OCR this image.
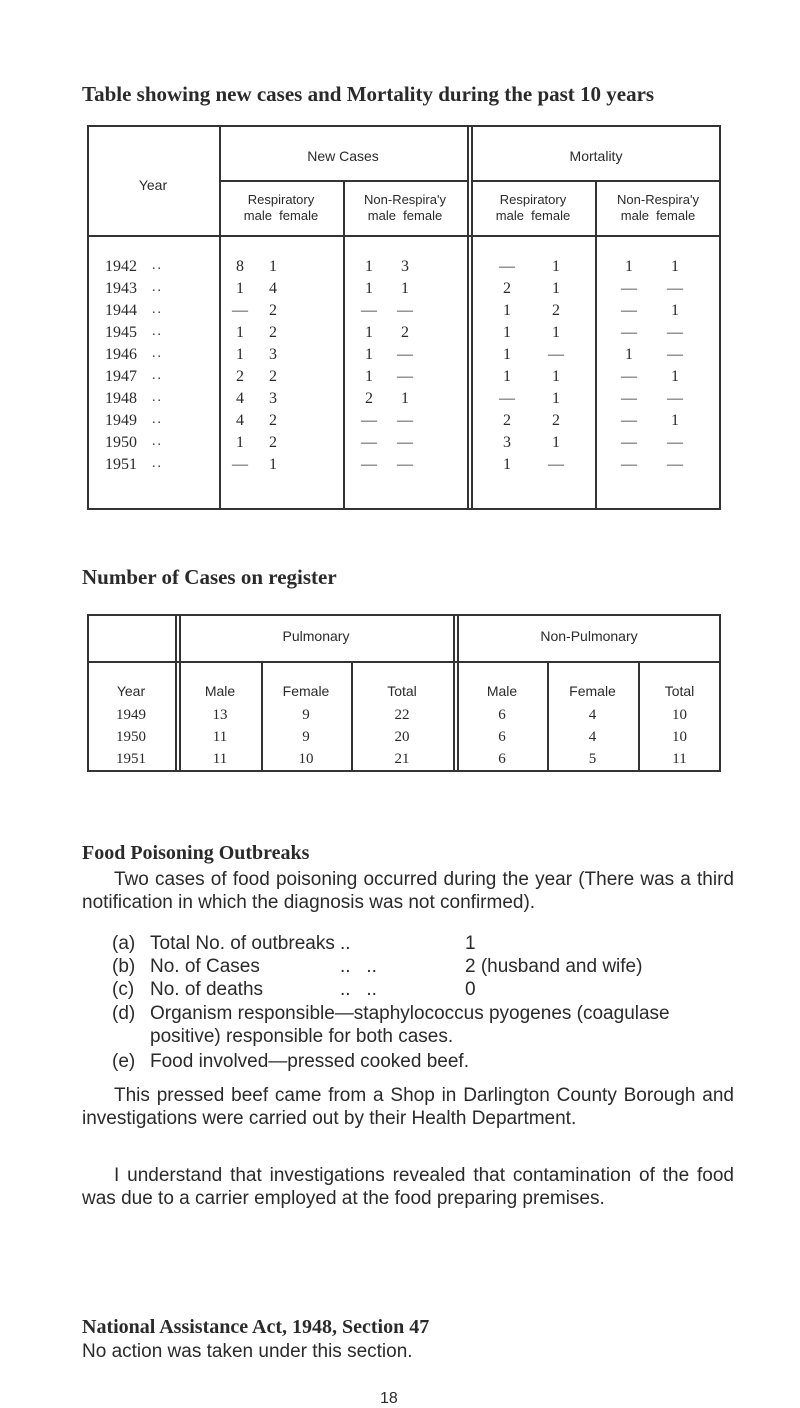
Table showing new cases and Mortality during the past 10 years
Year
New Cases	Mortality
Respiratory
male  female
Non-Respira'y
male  female
Respiratory
male  female
Non-Respira'y
male  female
1942 ..	8	1	1	3	—	1	1	1
1943 ..	1	4	1	1	2	1	— —
1944 ..	—	2	— —	1	2	—	1
1945 ..	1	2	1	2	1	1	— —
1946 ..	1	3	1	—	1	—	1	—
1947 ..	2	2	1	—	1	1	—	1
1948 ..	4	3	2	1	—	1	— —
1949 ..	4	2	— —	2	2	—	1
1950 ..	1	2	— —	3	1	— —
1951 ..	—	1	— —	1	—	— —
Number of Cases on register
Pulmonary	Non-Pulmonary
Year	Male	Female	Total	Male	Female	Total
1949	13	9	22	6	4	10
1950	11	9	20	6	4	10
1951	11	10	21	6	5	11
Food Poisoning Outbreaks

Two cases of food poisoning occurred during the year (There was a third notification in which the diagnosis was not confirmed).

(a) Total No. of outbreaks ..	1
(b) No. of Cases	..   ..	2 (husband and wife)
(c) No. of deaths	..   ..	0
(d) Organism responsible—staphylococcus pyogenes (coagulase
positive) responsible for both cases.
(e) Food involved—pressed cooked beef.

This pressed beef came from a Shop in Darlington County Borough and investigations were carried out by their Health Department.

I understand that investigations revealed that contamination of the food was due to a carrier employed at the food preparing premises.

National Assistance Act, 1948, Section 47

No action was taken under this section.

18
